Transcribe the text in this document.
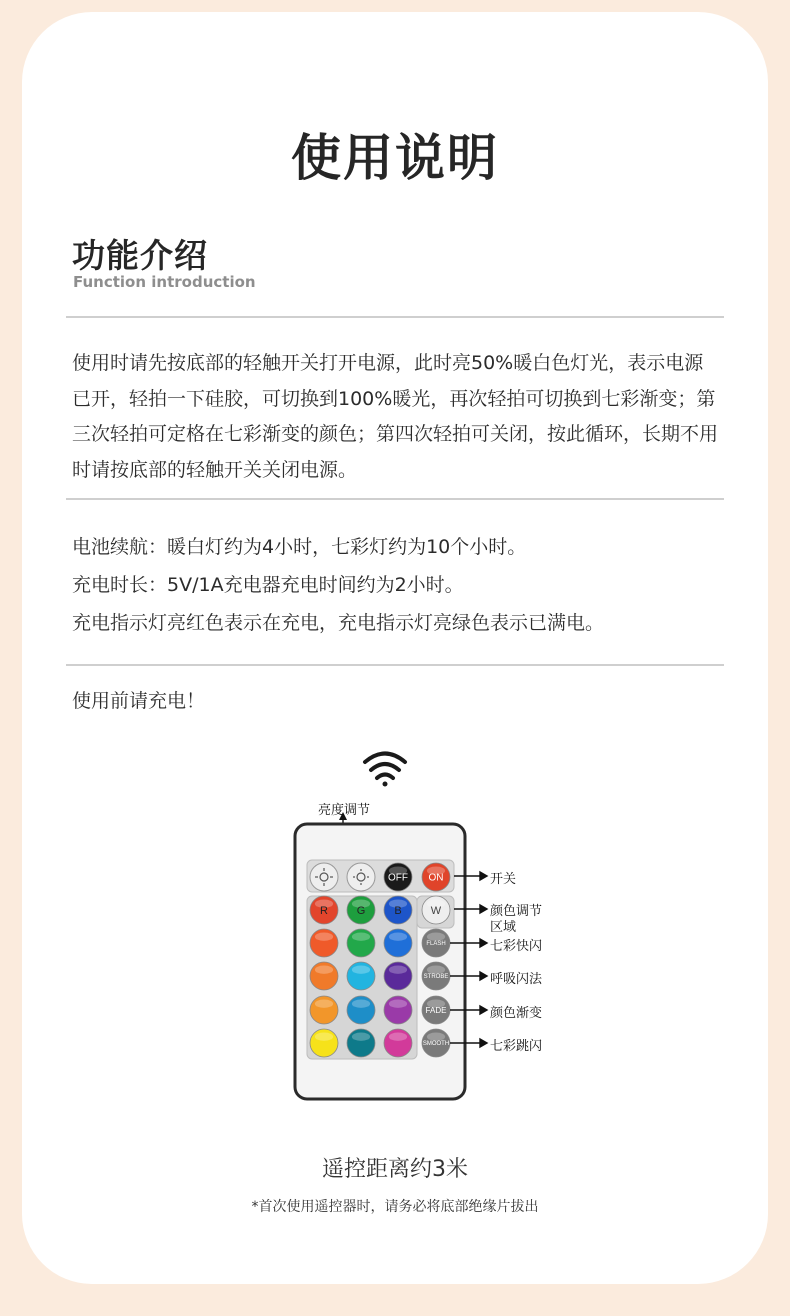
使用说明
功能介绍
Function introduction
使用时请先按底部的轻触开关打开电源，此时亮50%暖白色灯光，表示电源已开，轻拍一下硅胶，可切换到100%暖光，再次轻拍可切换到七彩渐变；第三次轻拍可定格在七彩渐变的颜色；第四次轻拍可关闭，按此循环，长期不用时请按底部的轻触开关关闭电源。
电池续航：暖白灯约为4小时，七彩灯约为10个小时。
充电时长：5V/1A充电器充电时间约为2小时。
充电指示灯亮红色表示在充电，充电指示灯亮绿色表示已满电。
使用前请充电！
OFF ON
R	G	B	W
FLASH
STROBE
FADE
SMOOTH
亮度调节
开关
颜色调节
区域
七彩快闪
呼吸闪法
颜色渐变
七彩跳闪
遥控距离约3米
*首次使用遥控器时，请务必将底部绝缘片拔出
